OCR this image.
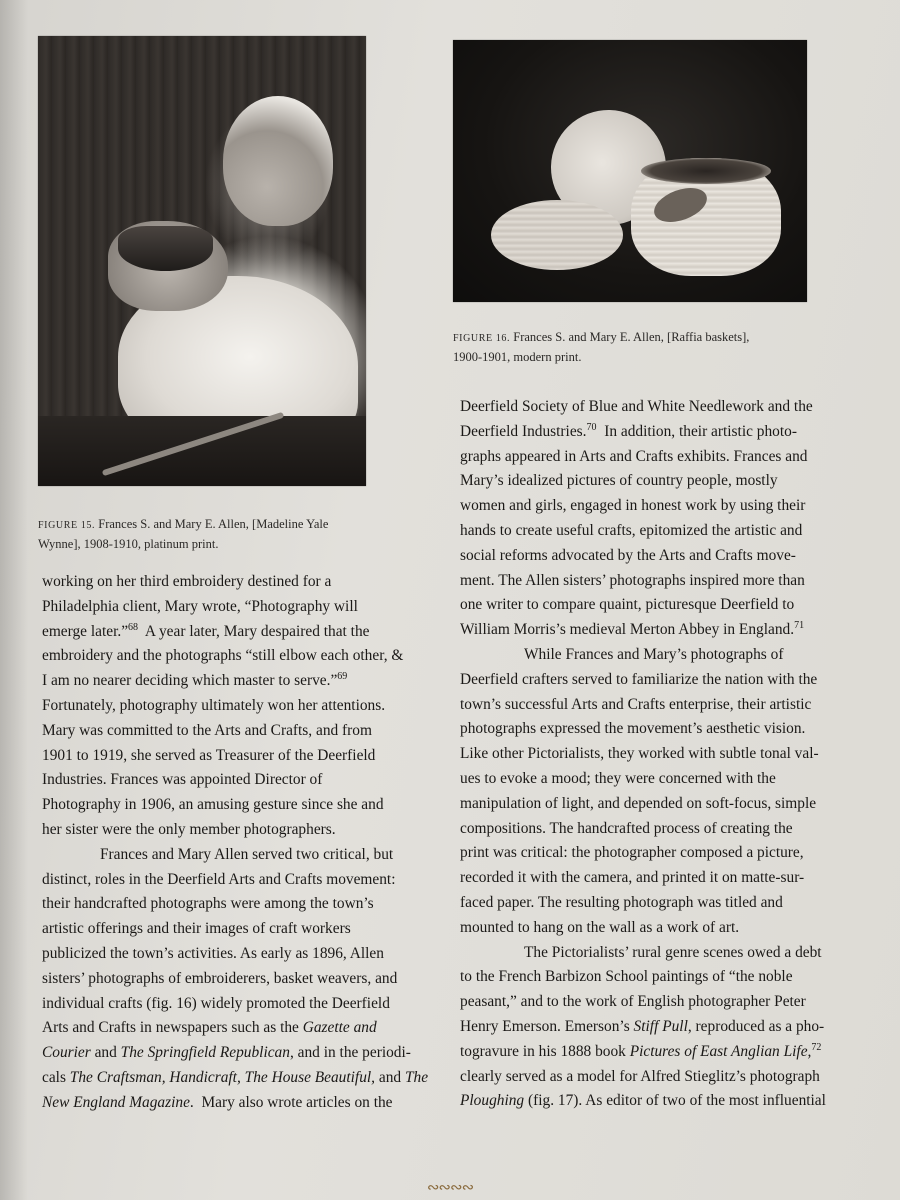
FIGURE 15. Frances S. and Mary E. Allen, [Madeline Yale
Wynne], 1908-1910, platinum print.
FIGURE 16. Frances S. and Mary E. Allen, [Raffia baskets],
1900-1901, modern print.
working on her third embroidery destined for a
Philadelphia client, Mary wrote, “Photography will
emerge later.”$^{68}$  A year later, Mary despaired that the
embroidery and the photographs “still elbow each other, &
I am no nearer deciding which master to serve.”$^{69}$
Fortunately, photography ultimately won her attentions.
Mary was committed to the Arts and Crafts, and from
1901 to 1919, she served as Treasurer of the Deerfield
Industries. Frances was appointed Director of
Photography in 1906, an amusing gesture since she and
her sister were the only member photographers.
Frances and Mary Allen served two critical, but
distinct, roles in the Deerfield Arts and Crafts movement:
their handcrafted photographs were among the town’s
artistic offerings and their images of craft workers
publicized the town’s activities. As early as 1896, Allen
sisters’ photographs of embroiderers, basket weavers, and
individual crafts (fig. 16) widely promoted the Deerfield
Arts and Crafts in newspapers such as the Gazette and
Courier and The Springfield Republican, and in the periodi-
cals The Craftsman, Handicraft, The House Beautiful, and The
New England Magazine.  Mary also wrote articles on the
Deerfield Society of Blue and White Needlework and the
Deerfield Industries.$^{70}$  In addition, their artistic photo-
graphs appeared in Arts and Crafts exhibits. Frances and
Mary’s idealized pictures of country people, mostly
women and girls, engaged in honest work by using their
hands to create useful crafts, epitomized the artistic and
social reforms advocated by the Arts and Crafts move-
ment. The Allen sisters’ photographs inspired more than
one writer to compare quaint, picturesque Deerfield to
William Morris’s medieval Merton Abbey in England.$^{71}$
While Frances and Mary’s photographs of
Deerfield crafters served to familiarize the nation with the
town’s successful Arts and Crafts enterprise, their artistic
photographs expressed the movement’s aesthetic vision.
Like other Pictorialists, they worked with subtle tonal val-
ues to evoke a mood; they were concerned with the
manipulation of light, and depended on soft-focus, simple
compositions. The handcrafted process of creating the
print was critical: the photographer composed a picture,
recorded it with the camera, and printed it on matte-sur-
faced paper. The resulting photograph was titled and
mounted to hang on the wall as a work of art.
The Pictorialists’ rural genre scenes owed a debt
to the French Barbizon School paintings of “the noble
peasant,” and to the work of English photographer Peter
Henry Emerson. Emerson’s Stiff Pull, reproduced as a pho-
togravure in his 1888 book Pictures of East Anglian Life,$^{72}$
clearly served as a model for Alfred Stieglitz’s photograph
Ploughing (fig. 17). As editor of two of the most influential
∾∾∾∾
